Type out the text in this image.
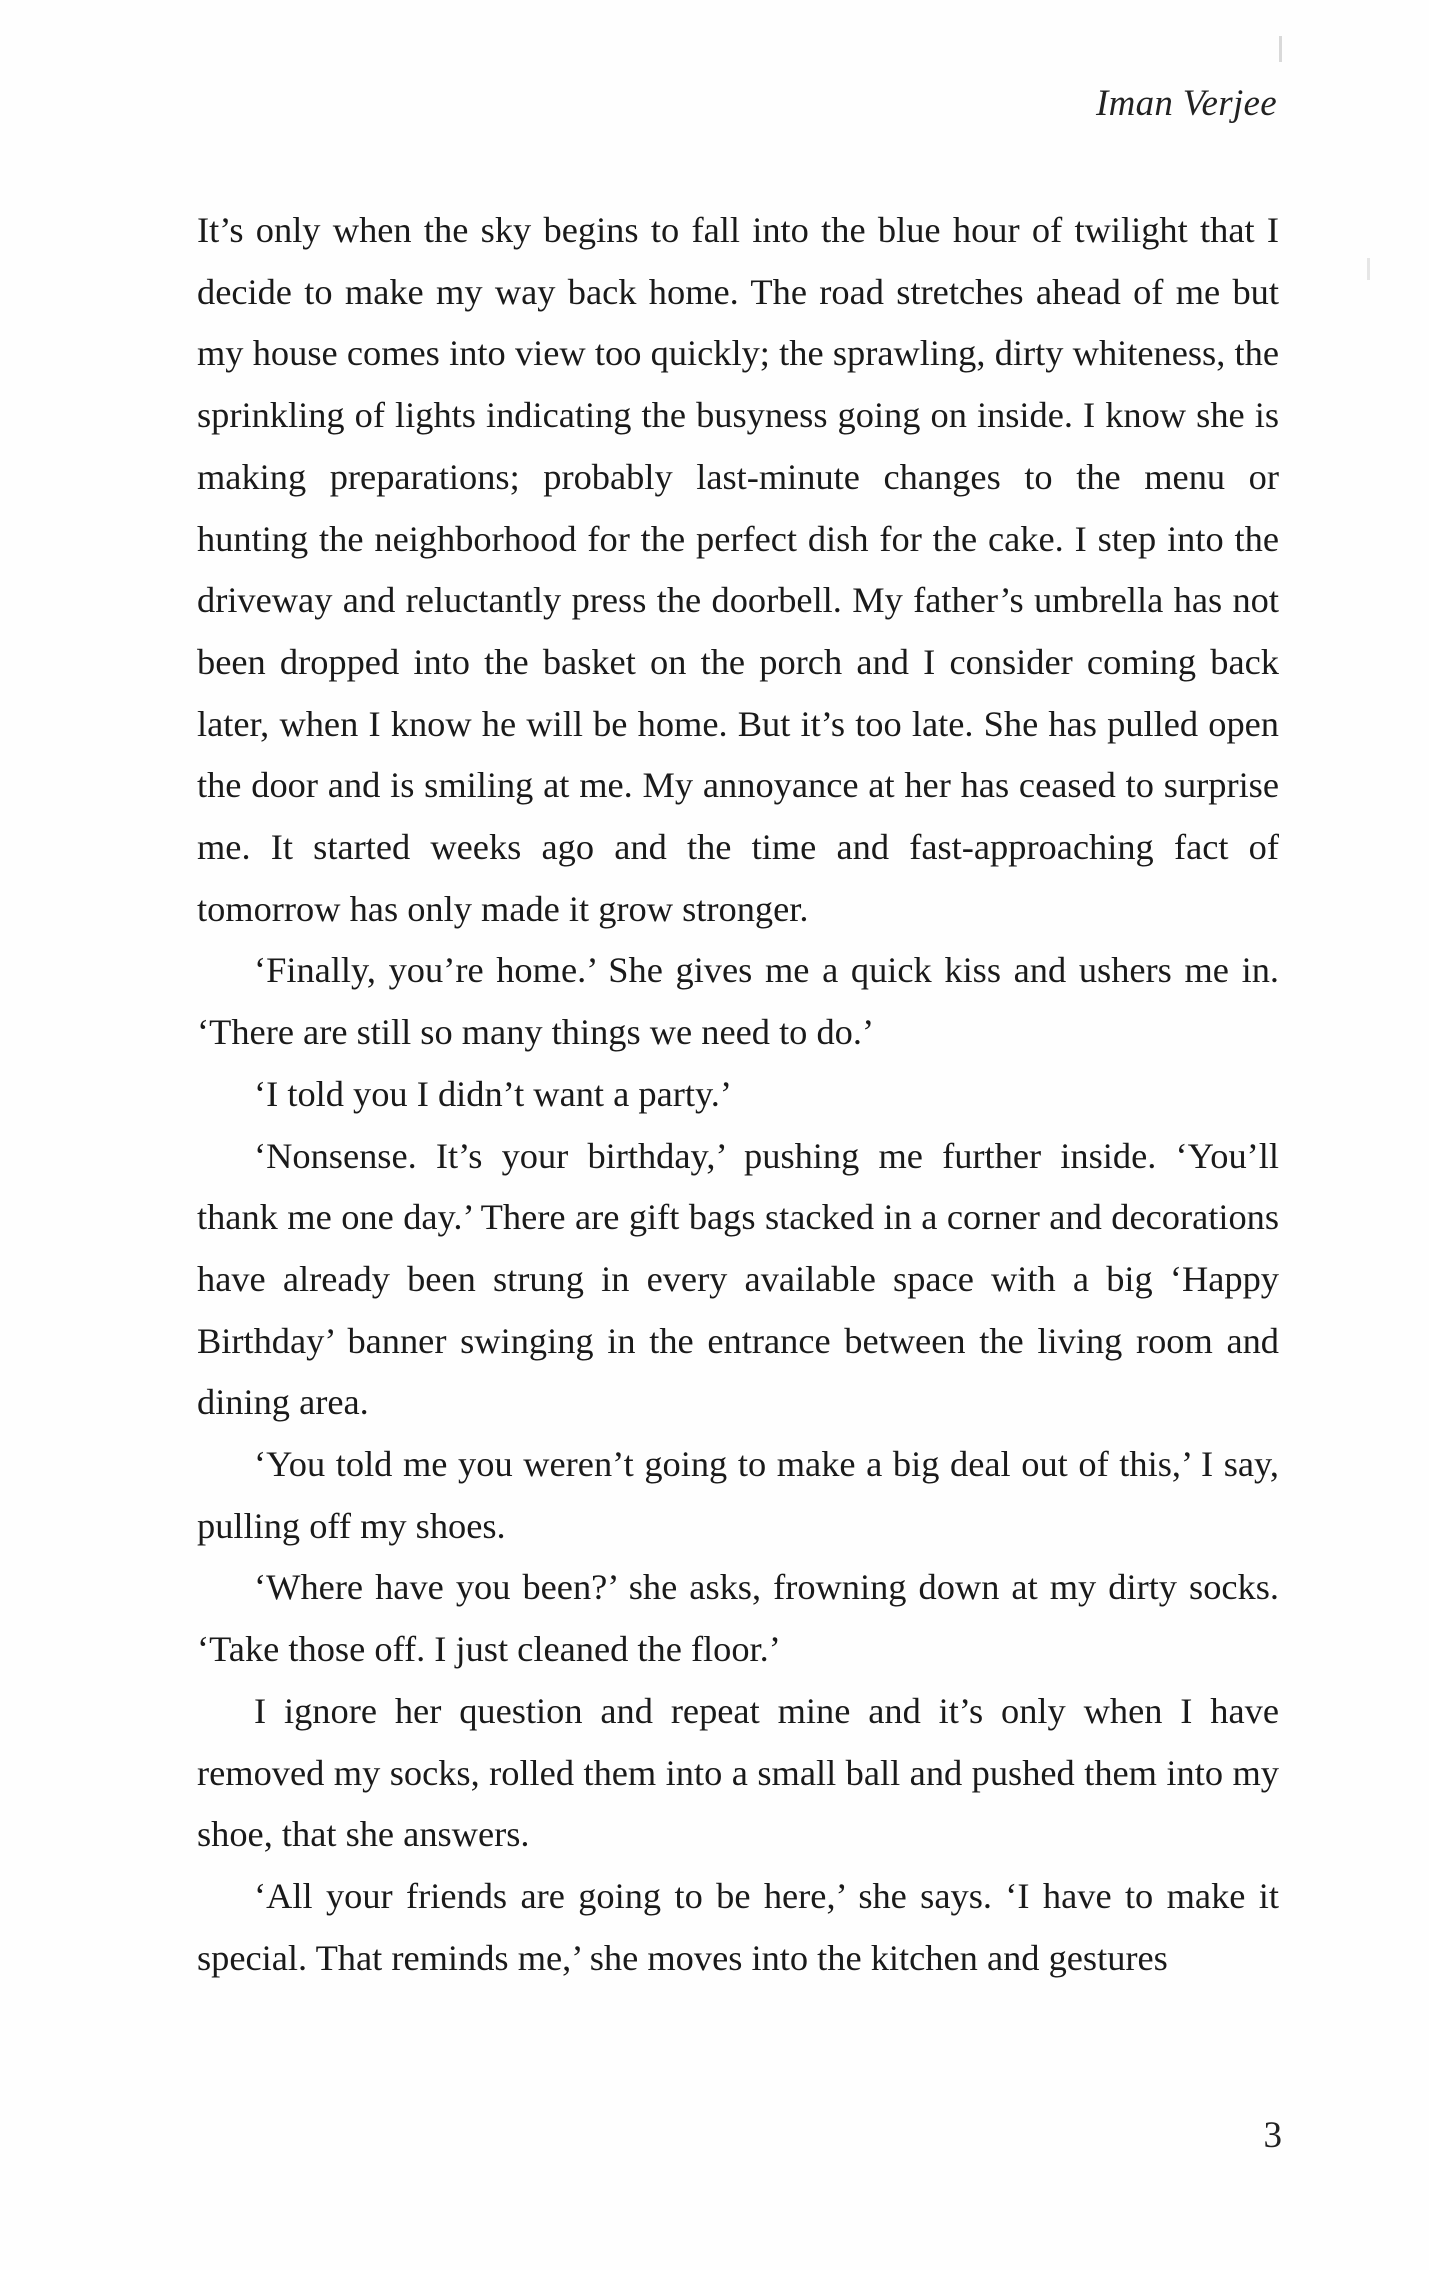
Iman Verjee

It’s only when the sky begins to fall into the blue hour of twilight that I decide to make my way back home. The road stretches ahead of me but my house comes into view too quickly; the sprawling, dirty whiteness, the sprinkling of lights indicating the busyness going on inside. I know she is making preparations; probably last-minute changes to the menu or hunting the neighborhood for the perfect dish for the cake. I step into the driveway and reluctantly press the doorbell. My father’s umbrella has not been dropped into the basket on the porch and I consider coming back later, when I know he will be home. But it’s too late. She has pulled open the door and is smiling at me. My annoyance at her has ceased to surprise me. It started weeks ago and the time and fast-approaching fact of tomorrow has only made it grow stronger.

‘Finally, you’re home.’ She gives me a quick kiss and ushers me in. ‘There are still so many things we need to do.’

‘I told you I didn’t want a party.’

‘Nonsense. It’s your birthday,’ pushing me further inside. ‘You’ll thank me one day.’ There are gift bags stacked in a corner and decorations have already been strung in every available space with a big ‘Happy Birthday’ banner swinging in the entrance between the living room and dining area.

‘You told me you weren’t going to make a big deal out of this,’ I say, pulling off my shoes.

‘Where have you been?’ she asks, frowning down at my dirty socks. ‘Take those off. I just cleaned the floor.’

I ignore her question and repeat mine and it’s only when I have removed my socks, rolled them into a small ball and pushed them into my shoe, that she answers.

‘All your friends are going to be here,’ she says. ‘I have to make it special. That reminds me,’ she moves into the kitchen and gestures

3
